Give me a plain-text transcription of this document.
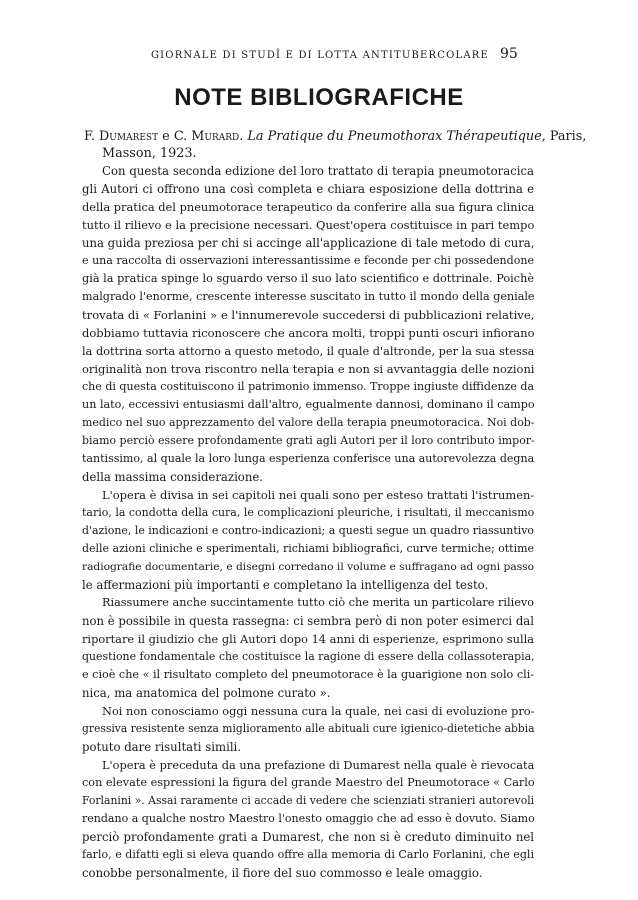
GIORNALE DI STUDÎ E DI LOTTA ANTITUBERCOLARE 95
NOTE BIBLIOGRAFICHE
F. Dumarest e C. Murard. La Pratique du Pneumothorax Thérapeutique, Paris,
Masson, 1923.
Con questa seconda edizione del loro trattato di terapia pneumotoracica
gli Autori ci offrono una così completa e chiara esposizione della dottrina e
della pratica del pneumotorace terapeutico da conferire alla sua figura clinica
tutto il rilievo e la precisione necessari. Quest'opera costituisce in pari tempo
una guida preziosa per chi si accinge all'applicazione di tale metodo di cura,
e una raccolta di osservazioni interessantissime e feconde per chi possedendone
già la pratica spinge lo sguardo verso il suo lato scientifico e dottrinale. Poichè
malgrado l'enorme, crescente interesse suscitato in tutto il mondo della geniale
trovata di « Forlanini » e l'innumerevole succedersi di pubblicazioni relative,
dobbiamo tuttavia riconoscere che ancora molti, troppi punti oscuri infiorano
la dottrina sorta attorno a questo metodo, il quale d'altronde, per la sua stessa
originalità non trova riscontro nella terapia e non si avvantaggia delle nozioni
che di questa costituiscono il patrimonio immenso. Troppe ingiuste diffidenze da
un lato, eccessivi entusiasmi dall'altro, egualmente dannosi, dominano il campo
medico nel suo apprezzamento del valore della terapia pneumotoracica. Noi dob-
biamo perciò essere profondamente grati agli Autori per il loro contributo impor-
tantissimo, al quale la loro lunga esperienza conferisce una autorevolezza degna
della massima considerazione.
L'opera è divisa in sei capitoli nei quali sono per esteso trattati l'istrumen-
tario, la condotta della cura, le complicazioni pleuriche, i risultati, il meccanismo
d'azione, le indicazioni e contro-indicazioni; a questi segue un quadro riassuntivo
delle azioni cliniche e sperimentali, richiami bibliografici, curve termiche; ottime
radiografie documentarie, e disegni corredano il volume e suffragano ad ogni passo
le affermazioni più importanti e completano la intelligenza del testo.
Riassumere anche succintamente tutto ciò che merita un particolare rilievo
non è possibile in questa rassegna: ci sembra però di non poter esimerci dal
riportare il giudizio che gli Autori dopo 14 anni di esperienze, esprimono sulla
questione fondamentale che costituisce la ragione di essere della collassoterapia,
e cioè che « il risultato completo del pneumotorace è la guarigione non solo cli-
nica, ma anatomica del polmone curato ».
Noi non conosciamo oggi nessuna cura la quale, nei casi di evoluzione pro-
gressiva resistente senza miglioramento alle abituali cure igienico-dietetiche abbia
potuto dare risultati simili.
L'opera è preceduta da una prefazione di Dumarest nella quale è rievocata
con elevate espressioni la figura del grande Maestro del Pneumotorace « Carlo
Forlanini ». Assai raramente ci accade di vedere che scienziati stranieri autorevoli
rendano a qualche nostro Maestro l'onesto omaggio che ad esso è dovuto. Siamo
perciò profondamente grati a Dumarest, che non si è creduto diminuito nel
farlo, e difatti egli si eleva quando offre alla memoria di Carlo Forlanini, che egli
conobbe personalmente, il fiore del suo commosso e leale omaggio.
